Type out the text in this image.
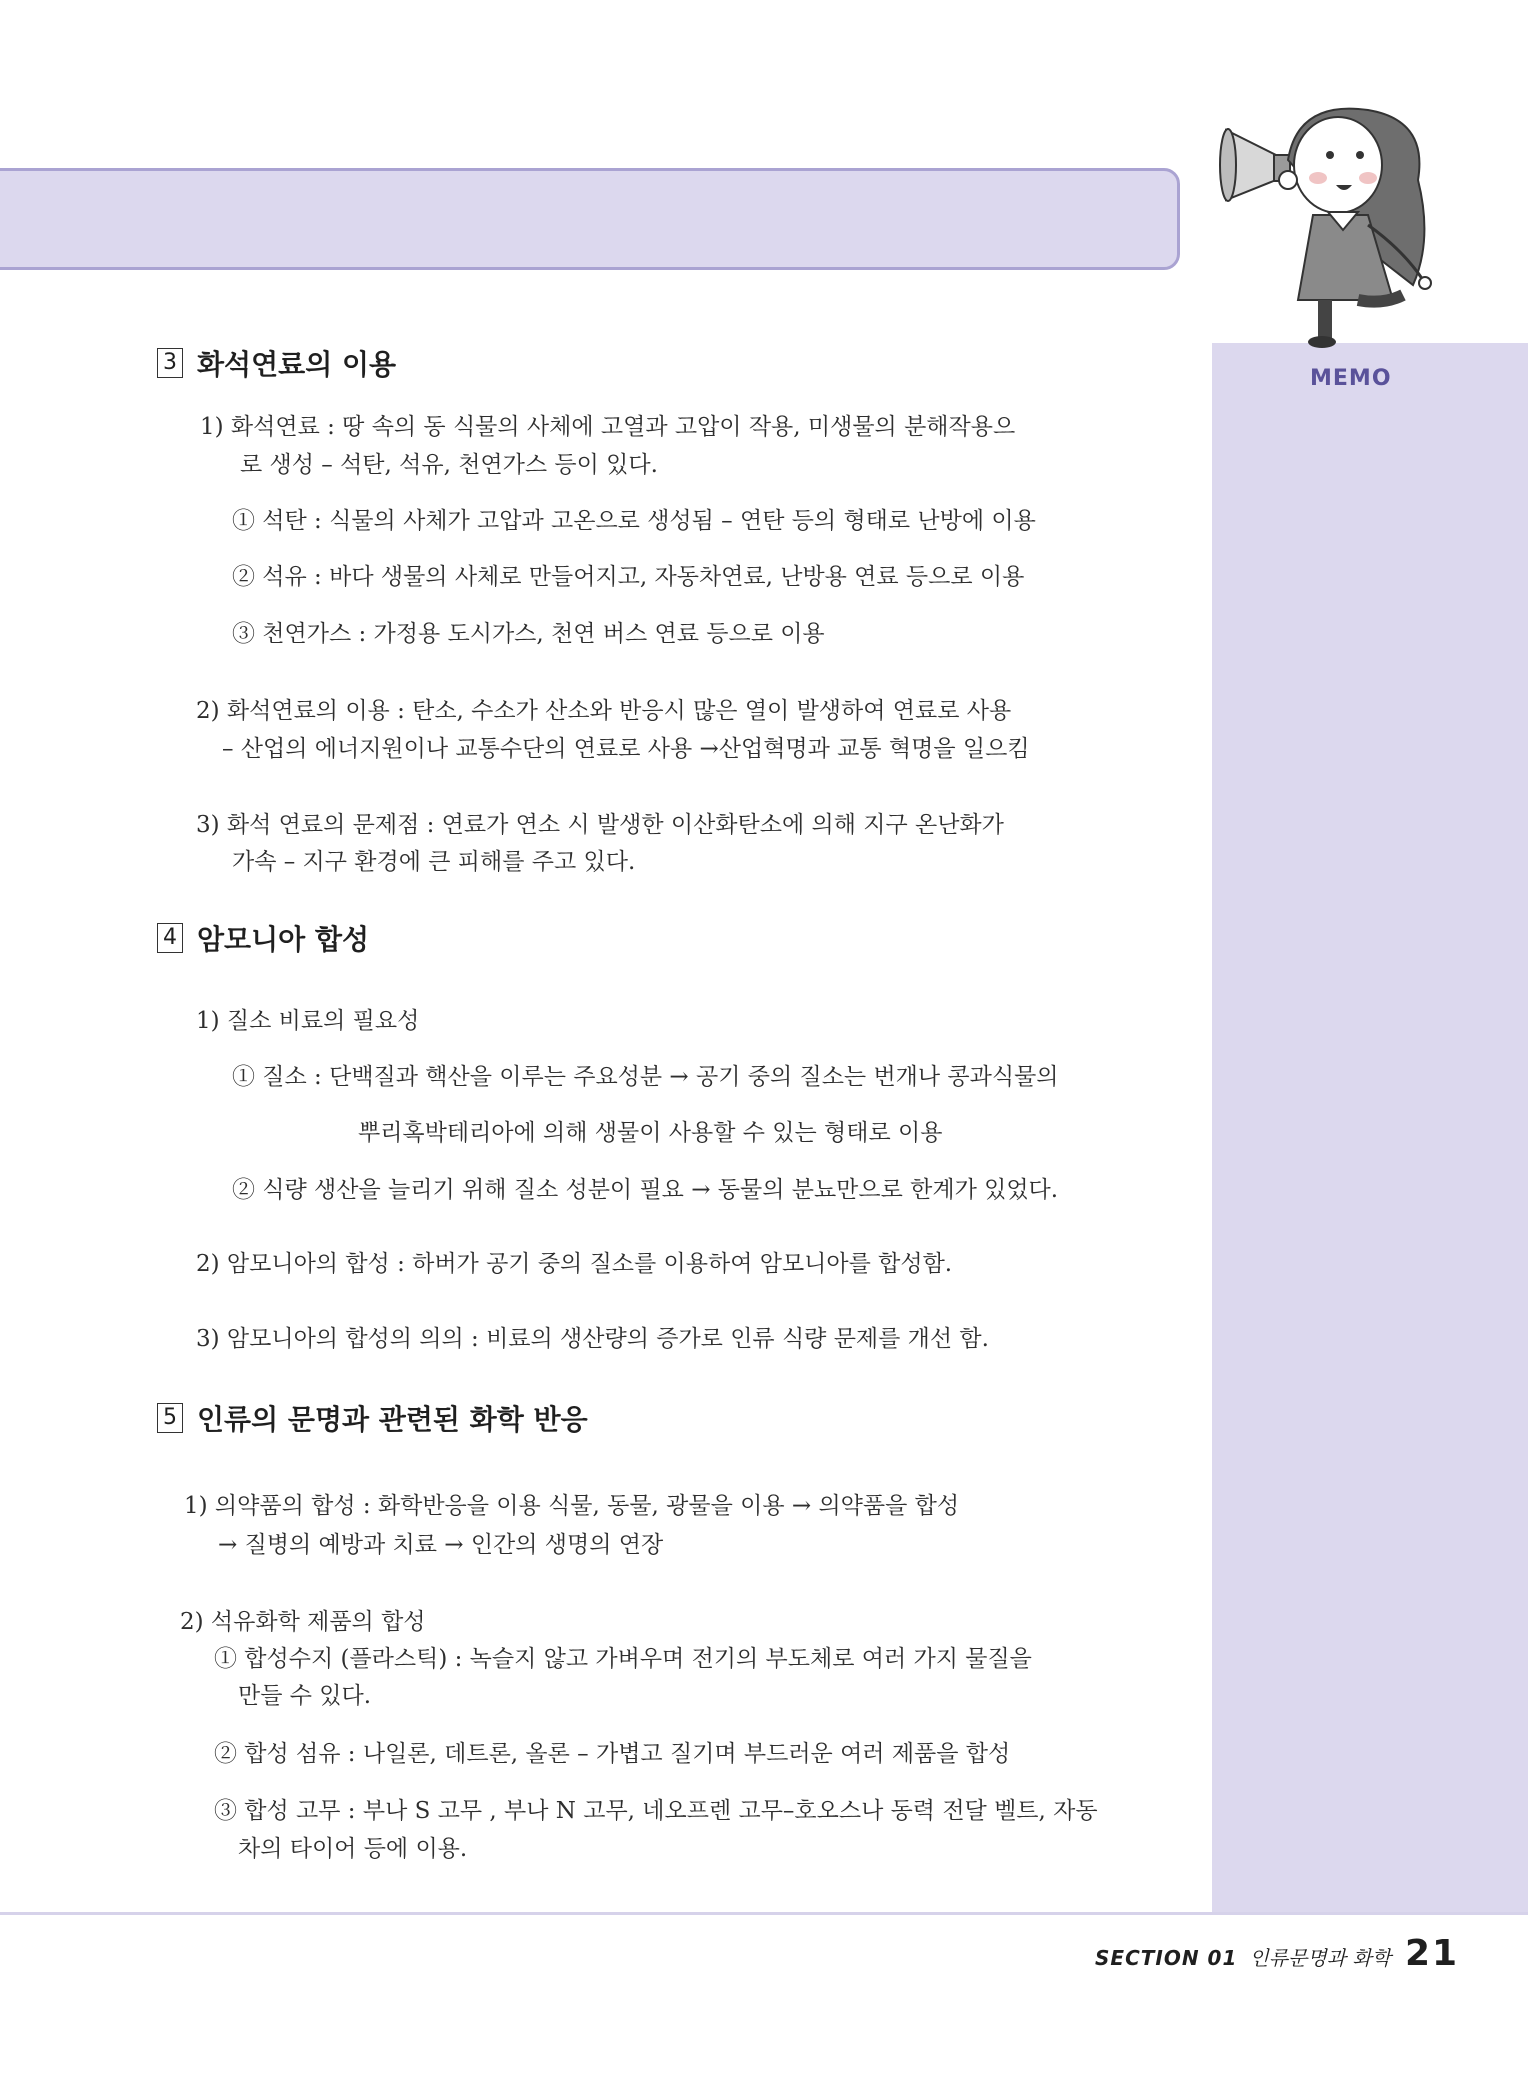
MEMO
3 화석연료의 이용
1) 화석연료 : 땅 속의 동 식물의 사체에 고열과 고압이 작용, 미생물의 분해작용으
로 생성 – 석탄, 석유, 천연가스 등이 있다.
① 석탄 : 식물의 사체가 고압과 고온으로 생성됨 – 연탄 등의 형태로 난방에 이용
② 석유 : 바다 생물의 사체로 만들어지고, 자동차연료, 난방용 연료 등으로 이용
③ 천연가스 : 가정용 도시가스, 천연 버스 연료 등으로 이용
2) 화석연료의 이용 : 탄소, 수소가 산소와 반응시 많은 열이 발생하여 연료로 사용
– 산업의 에너지원이나 교통수단의 연료로 사용 →산업혁명과 교통 혁명을 일으킴
3) 화석 연료의 문제점 : 연료가 연소 시 발생한 이산화탄소에 의해 지구 온난화가
가속 – 지구 환경에 큰 피해를 주고 있다.
4 암모니아 합성
1) 질소 비료의 필요성
① 질소 : 단백질과 핵산을 이루는 주요성분 → 공기 중의 질소는 번개나 콩과식물의
뿌리혹박테리아에 의해 생물이 사용할 수 있는 형태로 이용
② 식량 생산을 늘리기 위해 질소 성분이 필요 → 동물의 분뇨만으로 한계가 있었다.
2) 암모니아의 합성 : 하버가 공기 중의 질소를 이용하여 암모니아를 합성함.
3) 암모니아의 합성의 의의 : 비료의 생산량의 증가로 인류 식량 문제를 개선 함.
5 인류의 문명과 관련된 화학 반응
1) 의약품의 합성 : 화학반응을 이용 식물, 동물, 광물을 이용 → 의약품을 합성
→ 질병의 예방과 치료 → 인간의 생명의 연장
2) 석유화학 제품의 합성
① 합성수지 (플라스틱) : 녹슬지 않고 가벼우며 전기의 부도체로 여러 가지 물질을
만들 수 있다.
② 합성 섬유 : 나일론, 데트론, 올론 – 가볍고 질기며 부드러운 여러 제품을 합성
③ 합성 고무 : 부나 S 고무 , 부나 N 고무, 네오프렌 고무–호오스나 동력 전달 벨트, 자동
차의 타이어 등에 이용.
SECTION 01 인류문명과 화학 21
